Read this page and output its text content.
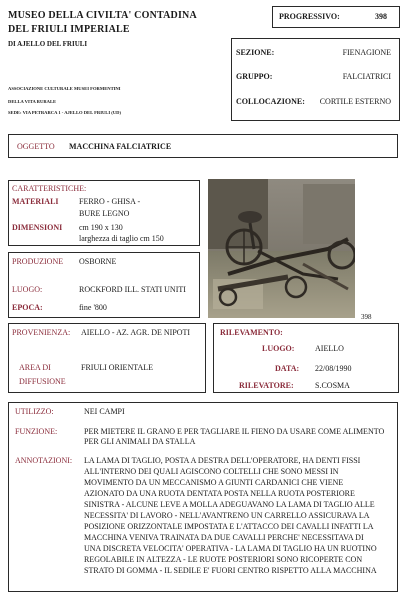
MUSEO DELLA CIVILTA' CONTADINA
DEL FRIULI IMPERIALE
DI AJELLO DEL FRIULI
ASSOCIAZIONE CULTURALE MUSEI FORMENTINI
DELLA VITA RURALE
SEDE: VIA PETRARCA 1 - AJELLO DEL FRIULI (UD)
PROGRESSIVO:	398
SEZIONE:	FIENAGIONE
GRUPPO:	FALCIATRICI
COLLOCAZIONE: CORTILE ESTERNO
OGGETTO MACCHINA FALCIATRICE
CARATTERISTICHE:
MATERIALI	FERRO - GHISA -
BURE LEGNO
DIMENSIONI cm 190 x 130
larghezza di taglio cm 150
398
PRODUZIONE OSBORNE
LUOGO:	ROCKFORD ILL. STATI UNITI
EPOCA:	fine '800
PROVENIENZA: AIELLO - AZ. AGR. DE NIPOTI
AREA DI
DIFFUSIONE
FRIULI ORIENTALE
RILEVAMENTO:
LUOGO:	AIELLO
DATA: 22/08/1990
RILEVATORE:	S.COSMA
UTILIZZO:	NEI CAMPI
FUNZIONE:	PER MIETERE IL GRANO E PER TAGLIARE IL FIENO DA USARE COME ALIMENTO
PER GLI ANIMALI DA STALLA
ANNOTAZIONI: LA LAMA DI TAGLIO, POSTA A DESTRA DELL'OPERATORE, HA DENTI FISSI
ALL'INTERNO DEI QUALI AGISCONO COLTELLI CHE SONO MESSI IN
MOVIMENTO DA UN MECCANISMO A GIUNTI CARDANICI CHE VIENE
AZIONATO DA UNA RUOTA DENTATA POSTA NELLA RUOTA POSTERIORE
SINISTRA - ALCUNE LEVE A MOLLA ADEGUAVANO LA LAMA DI TAGLIO ALLE
NECESSITA' DI LAVORO - NELL'AVANTRENO UN CARRELLO ASSICURAVA LA
POSIZIONE ORIZZONTALE IMPOSTATA E L'ATTACCO DEI CAVALLI INFATTI LA
MACCHINA VENIVA TRAINATA DA DUE CAVALLI PERCHE' NECESSITAVA DI
UNA DISCRETA VELOCITA' OPERATIVA - LA LAMA DI TAGLIO HA UN RUOTINO
REGOLABILE IN ALTEZZA - LE RUOTE POSTERIORI SONO RICOPERTE CON
STRATO DI GOMMA - IL SEDILE E' FUORI CENTRO RISPETTO ALLA MACCHINA
